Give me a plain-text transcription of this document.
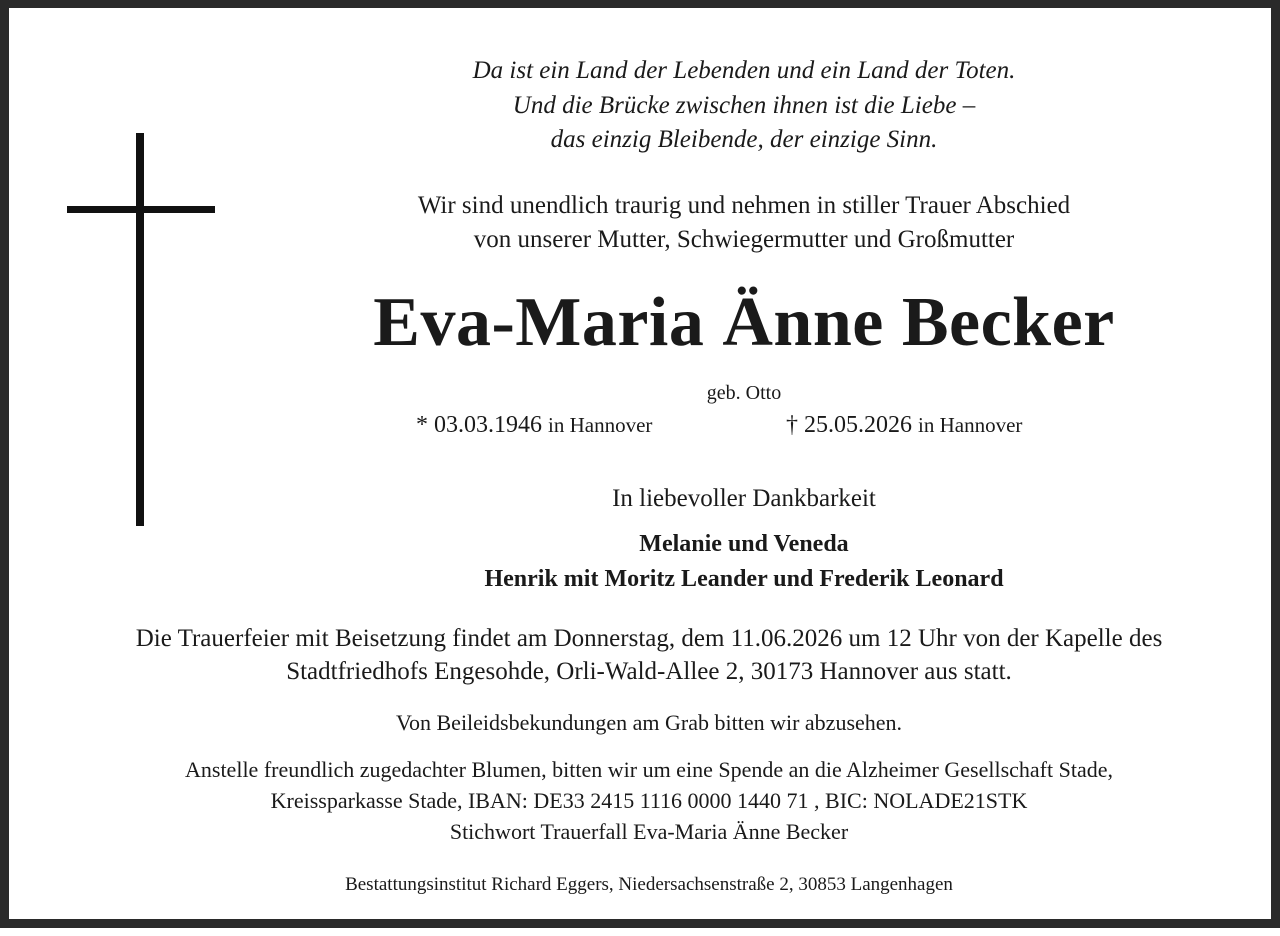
Da ist ein Land der Lebenden und ein Land der Toten.
Und die Brücke zwischen ihnen ist die Liebe –
das einzig Bleibende, der einzige Sinn.
Wir sind unendlich traurig und nehmen in stiller Trauer Abschied
von unserer Mutter, Schwiegermutter und Großmutter
Eva-Maria Änne Becker
geb. Otto
* 03.03.1946 in Hannover	† 25.05.2026 in Hannover
In liebevoller Dankbarkeit
Melanie und Veneda
Henrik mit Moritz Leander und Frederik Leonard
Die Trauerfeier mit Beisetzung findet am Donnerstag, dem 11.06.2026 um 12 Uhr von der Kapelle des
Stadtfriedhofs Engesohde, Orli-Wald-Allee 2, 30173 Hannover aus statt.
Von Beileidsbekundungen am Grab bitten wir abzusehen.
Anstelle freundlich zugedachter Blumen, bitten wir um eine Spende an die Alzheimer Gesellschaft Stade,
Kreissparkasse Stade, IBAN: DE33 2415 1116 0000 1440 71 , BIC: NOLADE21STK
Stichwort Trauerfall Eva-Maria Änne Becker
Bestattungsinstitut Richard Eggers, Niedersachsenstraße 2, 30853 Langenhagen
